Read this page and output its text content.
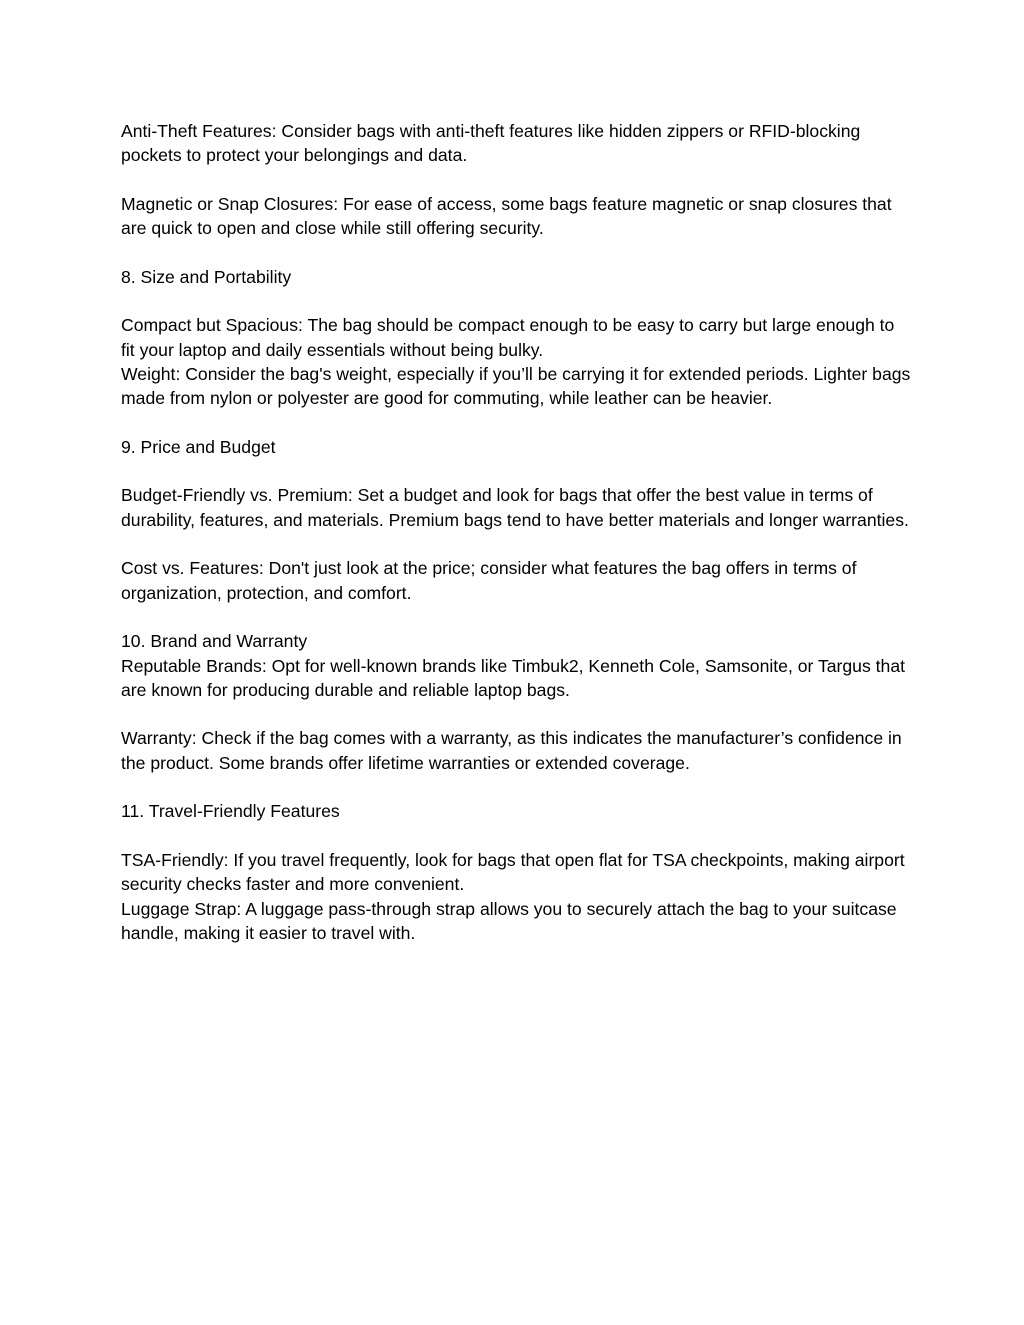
Anti-Theft Features: Consider bags with anti-theft features like hidden zippers or RFID-blocking pockets to protect your belongings and data.

Magnetic or Snap Closures: For ease of access, some bags feature magnetic or snap closures that are quick to open and close while still offering security.

8. Size and Portability

Compact but Spacious: The bag should be compact enough to be easy to carry but large enough to fit your laptop and daily essentials without being bulky.

Weight: Consider the bag's weight, especially if you’ll be carrying it for extended periods. Lighter bags made from nylon or polyester are good for commuting, while leather can be heavier.

9. Price and Budget

Budget-Friendly vs. Premium: Set a budget and look for bags that offer the best value in terms of durability, features, and materials. Premium bags tend to have better materials and longer warranties.

Cost vs. Features: Don't just look at the price; consider what features the bag offers in terms of organization, protection, and comfort.

10. Brand and Warranty

Reputable Brands: Opt for well-known brands like Timbuk2, Kenneth Cole, Samsonite, or Targus that are known for producing durable and reliable laptop bags.

Warranty: Check if the bag comes with a warranty, as this indicates the manufacturer’s confidence in the product. Some brands offer lifetime warranties or extended coverage.

11. Travel-Friendly Features

TSA-Friendly: If you travel frequently, look for bags that open flat for TSA checkpoints, making airport security checks faster and more convenient.

Luggage Strap: A luggage pass-through strap allows you to securely attach the bag to your suitcase handle, making it easier to travel with.
